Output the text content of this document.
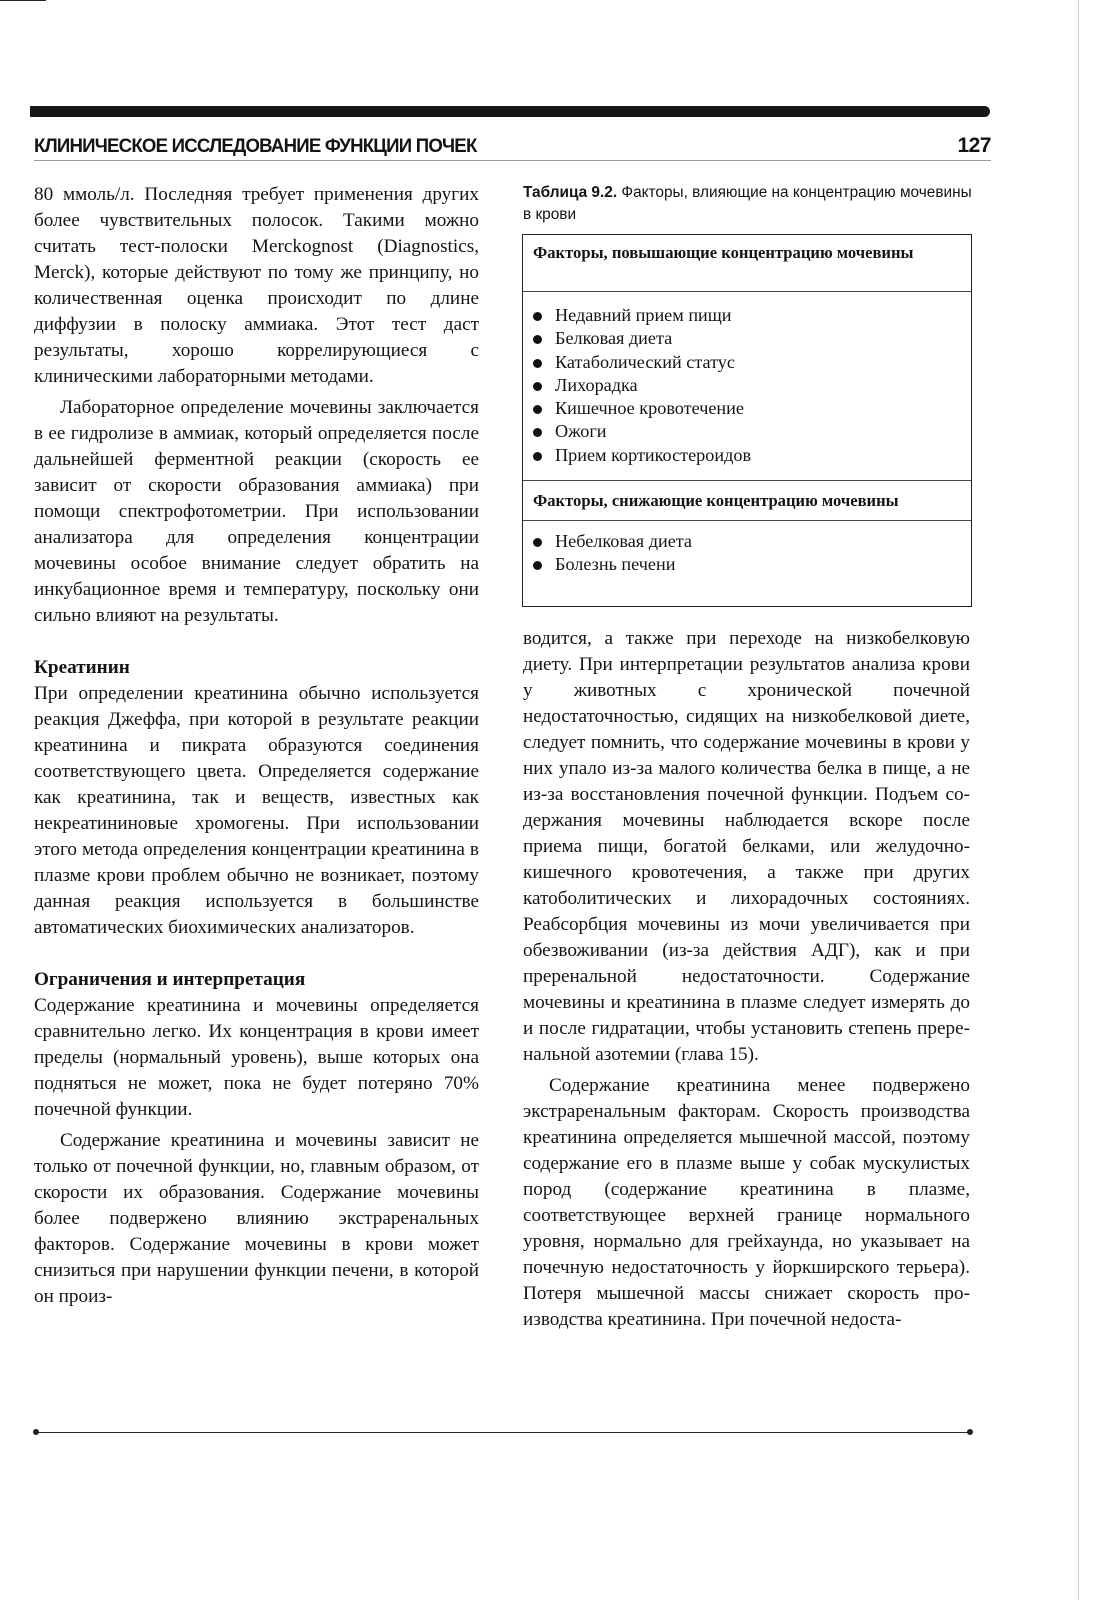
КЛИНИЧЕСКОЕ ИССЛЕДОВАНИЕ ФУНКЦИИ ПОЧЕК	127

80 ммоль/л. Последняя требует применения других более чувствительных полосок. Такими можно считать тест-полоски Merckognost (Diagnostics, Merck), которые действуют по тому же принципу, но количественная оценка происходит по длине диффузии в полоску аммиака. Этот тест даст результаты, хорошо коррелирующиеся с клиническими лабораторными методами.

Лабораторное определение мочевины заключается в ее гидролизе в аммиак, который определяется после дальнейшей ферментной реакции (скорость ее зависит от скорости образования аммиака) при помощи спектрофотометрии. При использовании анализатора для определения концентрации мочевины особое внимание следует обратить на инкубационное время и температуру, поскольку они сильно влияют на результаты.

Креатинин

При определении креатинина обычно используется реакция Джеффа, при которой в результате реакции креатинина и пикрата образуются соединения соответствующего цвета. Определяется содержание как креатинина, так и веществ, известных как некреатининовые хромогены. При использовании этого метода определения концентрации креатинина в плазме крови проблем обычно не возникает, поэтому данная реакция используется в большинстве автоматических биохимических анализаторов.

Ограничения и интерпретация

Содержание креатинина и мочевины определяется сравнительно легко. Их концентрация в крови имеет пределы (нормальный уровень), выше которых она подняться не может, пока не будет потеряно 70% почечной функции.

Содержание креатинина и мочевины зависит не только от почечной функции, но, главным образом, от скорости их образования. Содержание мочевины более подвержено влиянию экстраренальных факторов. Содержание мочевины в крови может снизиться при нарушении функции печени, в которой он произ-

Таблица 9.2. Факторы, влияющие на концентрацию мочевины в крови
Факторы, повышающие концентрацию мочевины
Недавний прием пищи
Белковая диета
Катаболический статус
Лихорадка
Кишечное кровотечение
Ожоги
Прием кортикостероидов
Факторы, снижающие концентрацию мочевины
Небелковая диета
Болезнь печени

водится, а также при переходе на низкобелковую диету. При интерпретации результатов анализа крови у животных с хронической почечной недостаточностью, сидящих на низкобелковой диете, следует помнить, что содержание мочевины в крови у них упало из-за малого количества белка в пище, а не из-за восстановления почечной функции. Подъем содержания мочевины наблюдается вскоре после приема пищи, богатой белками, или желудочно-кишечного кровотечения, а также при других катоболитических и лихорадочных состояниях. Реабсорбция мочевины из мочи увеличивается при обезвоживании (из-за действия АДГ), как и при преренальной недостаточности. Содержание мочевины и креатинина в плазме следует измерять до и после гидратации, чтобы установить степень преренальной азотемии (глава 15).

Содержание креатинина менее подвержено экстраренальным факторам. Скорость производства креатинина определяется мышечной массой, поэтому содержание его в плазме выше у собак мускулистых пород (содержание креатинина в плазме, соответствующее верхней границе нормального уровня, нормально для грейхаунда, но указывает на почечную недостаточность у йоркширского терьера). Потеря мышечной массы снижает скорость производства креатинина. При почечной недоста-
